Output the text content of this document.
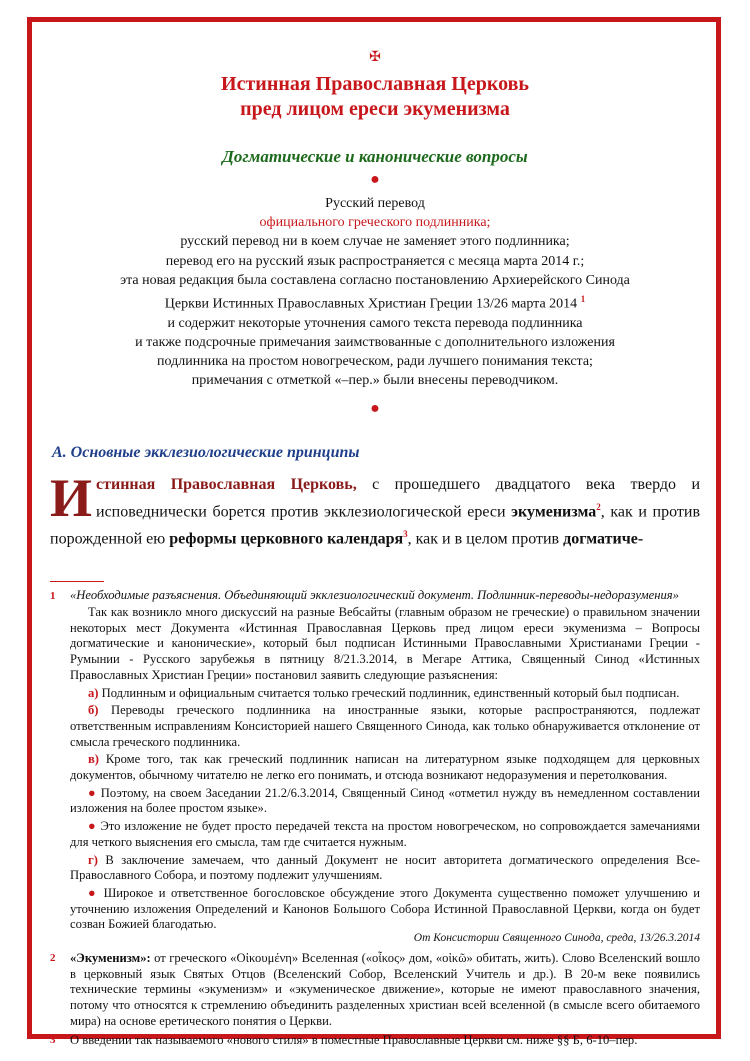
✠
Истинная Православная Церковь
пред лицом ереси экуменизма
Догматические и канонические вопросы
●
Русский перевод
официального греческого подлинника;
русский перевод ни в коем случае не заменяет этого подлинника;
перевод его на русский язык распространяется с месяца марта 2014 г.;
эта новая редакция была составлена согласно постановлению Архиерейского Синода
Церкви Истинных Православных Христиан Греции 13/26 марта 2014 $^1$
и содержит некоторые уточнения самого текста перевода подлинника
и также подсрочные примечания заимствованные с дополнительного изложения
подлинника на простом новогреческом, ради лучшего понимания текста;
примечания с отметкой «–пер.» были внесены переводчиком.
●
A. Основные экклезиологические принципы
Истинная Православная Церковь, с прошедшего двадцатого века твердо и исповеднически борется против экклезиологической ереси экуменизма$^2$, как и против порожденной ею реформы церковного календаря$^3$, как и в целом против догматиче-
1 «Необходимые разъяснения. Объединяющий экклезиологический документ. Подлинник-переводы-недоразумения»

Так как возникло много дискуссий на разные Вебсайты (главным образом не греческие) о правильном значении некоторых мест Документа «Истинная Православная Церковь пред лицом ереси экуменизма – Вопросы догматические и канонические», который был подписан Истинными Православными Христианами Греции - Румынии - Русского зарубежья в пятницу 8/21.3.2014, в Мегаре Аттика, Священный Синод «Истинных Православных Христиан Греции» постановил заявить следующие разъяснения:

а) Подлинным и официальным считается только греческий подлинник, единственный который был подписан.

б) Переводы греческого подлинника на иностранные языки, которые распространяются, подлежат ответственным исправлениям Консисторией нашего Священного Синода, как только обнаруживается отклонение от смысла греческого подлинника.

в) Кроме того, так как греческий подлинник написан на литературном языке подходящем для церковных документов, обычному читателю не легко его понимать, и отсюда возникают недоразумения и перетолкования.

● Поэтому, на своем Заседании 21.2/6.3.2014, Священный Синод «отметил нужду въ немедленном составлении изложения на более простом языке».

● Это изложение не будет просто передачей текста на простом новогреческом, но сопровождается замечаниями для четкого выяснения его смысла, там где считается нужным.

г) В заключение замечаем, что данный Документ не носит авторитета догматического определения Все-Православного Собора, и поэтому подлежит улучшениям.

● Широкое и ответственное богословское обсуждение этого Документа существенно поможет улучшению и уточнению изложения Определений и Канонов Большого Собора Истинной Православной Церкви, когда он будет созван Божией благодатью.

От Консистории Священного Синода, среда, 13/26.3.2014
2 «Экуменизм»: от греческого «Οἰκουμένη» Вселенная («οἶκος» дом, «οἰκῶ» обитать, жить). Слово Вселенский вошло в церковный язык Святых Отцов (Вселенский Собор, Вселенский Учитель и др.). В 20-м веке появились технические термины «экуменизм» и «экуменическое движение», которые не имеют православного значения, потому что относятся к стремлению объединить разделенных христиан всей вселенной (в смысле всего обитаемого мира) на основе еретического понятия о Церкви.
3 О введении так называемого «нового стиля» в поместные Православные Церкви см. ниже §§ Б, 6-10–пер.
